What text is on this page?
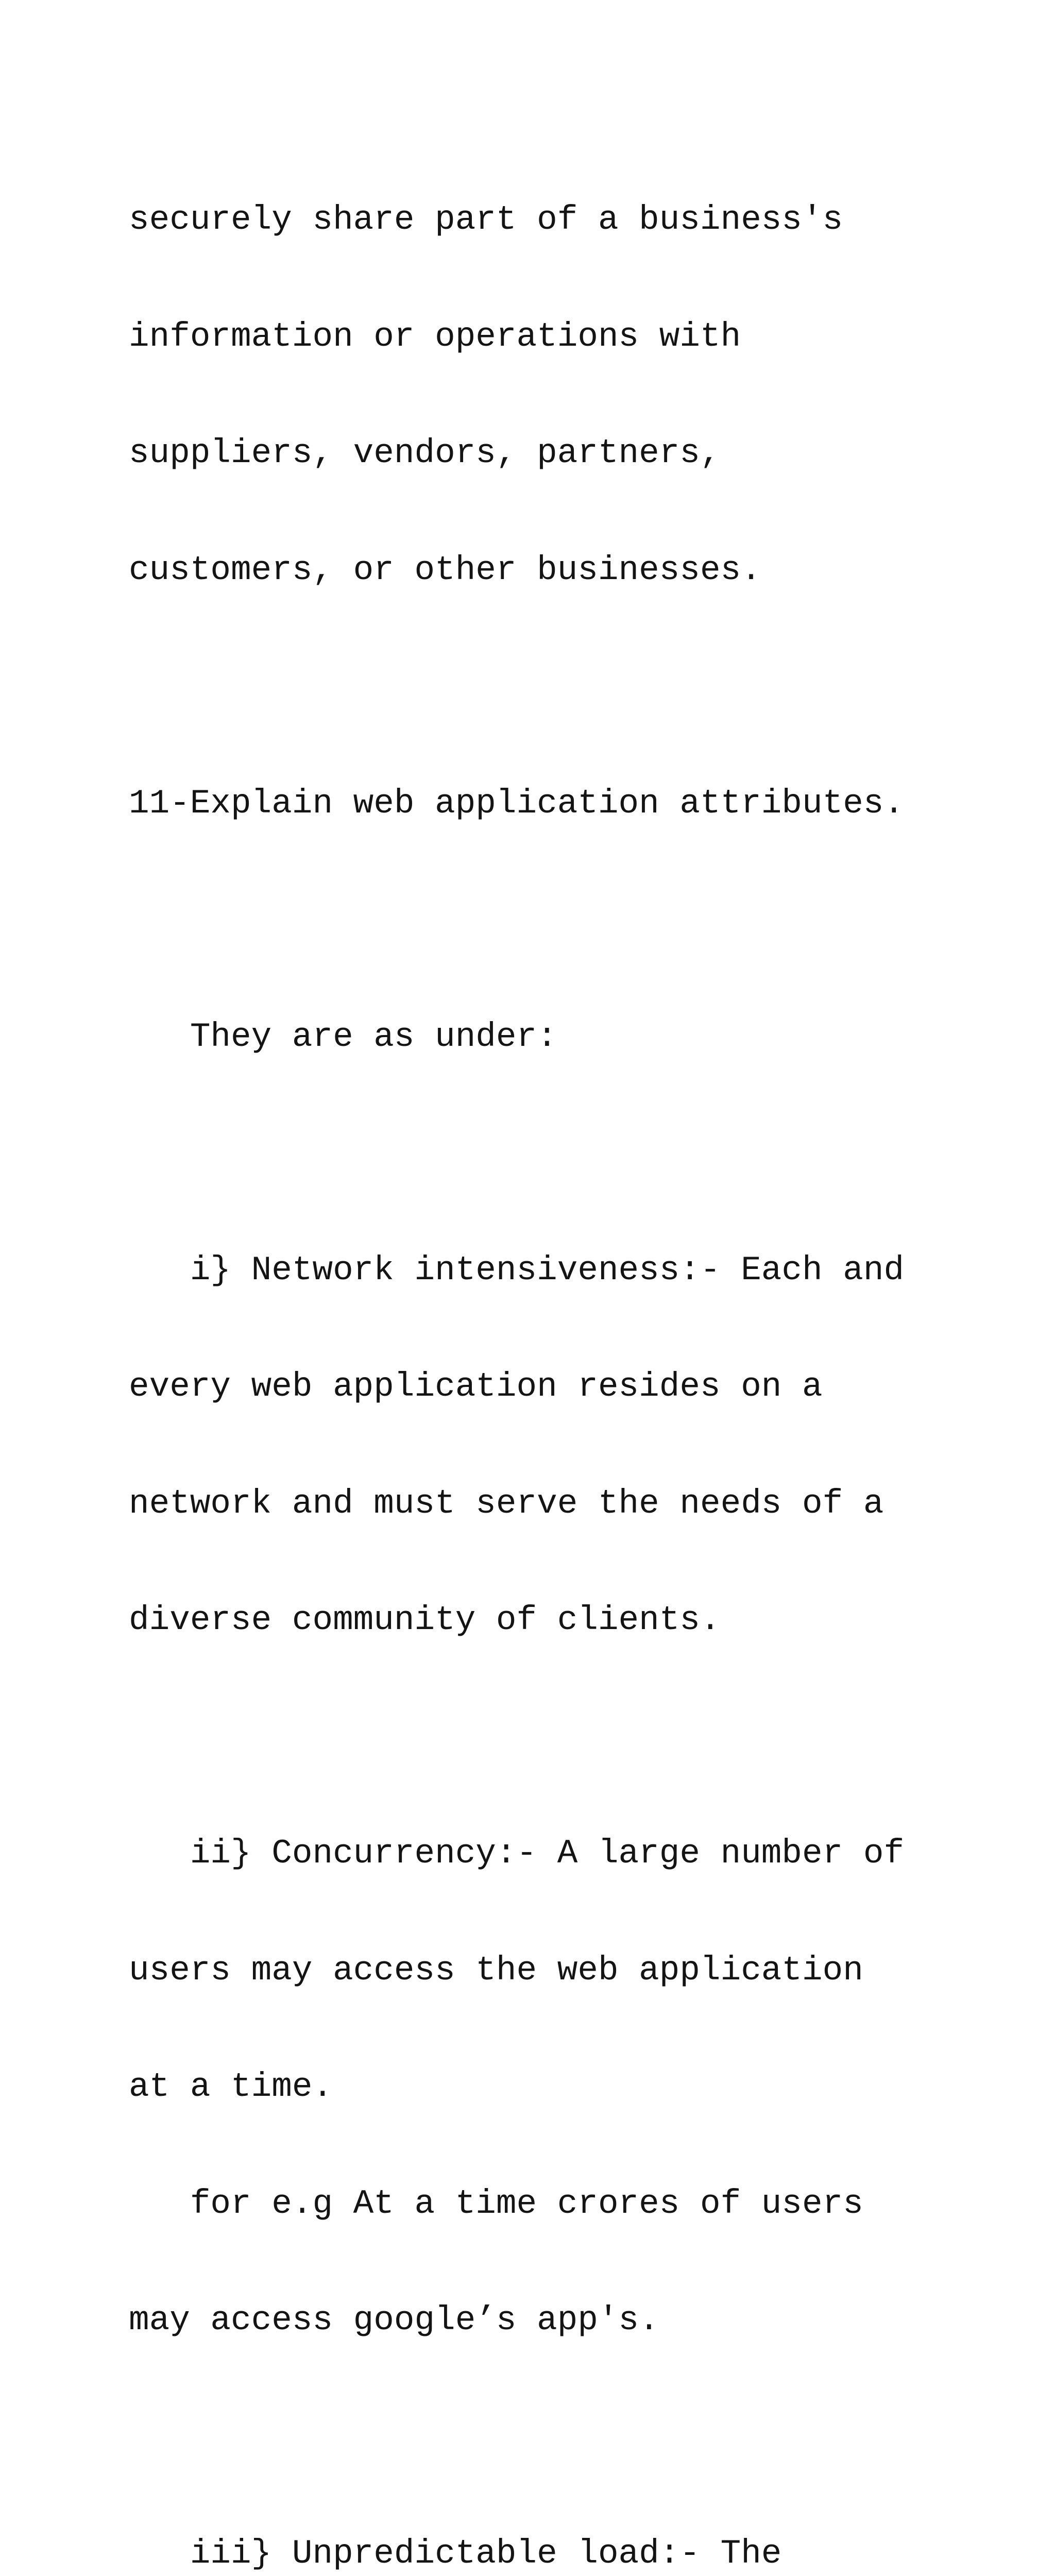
securely share part of a business's

information or operations with

suppliers, vendors, partners,

customers, or other businesses.

11-Explain web application attributes.

They are as under:

i} Network intensiveness:- Each and

every web application resides on a

network and must serve the needs of a

diverse community of clients.

ii} Concurrency:- A large number of

users may access the web application

at a time.

for e.g At a time crores of users

may access google’s app's.

iii} Unpredictable load:- The
